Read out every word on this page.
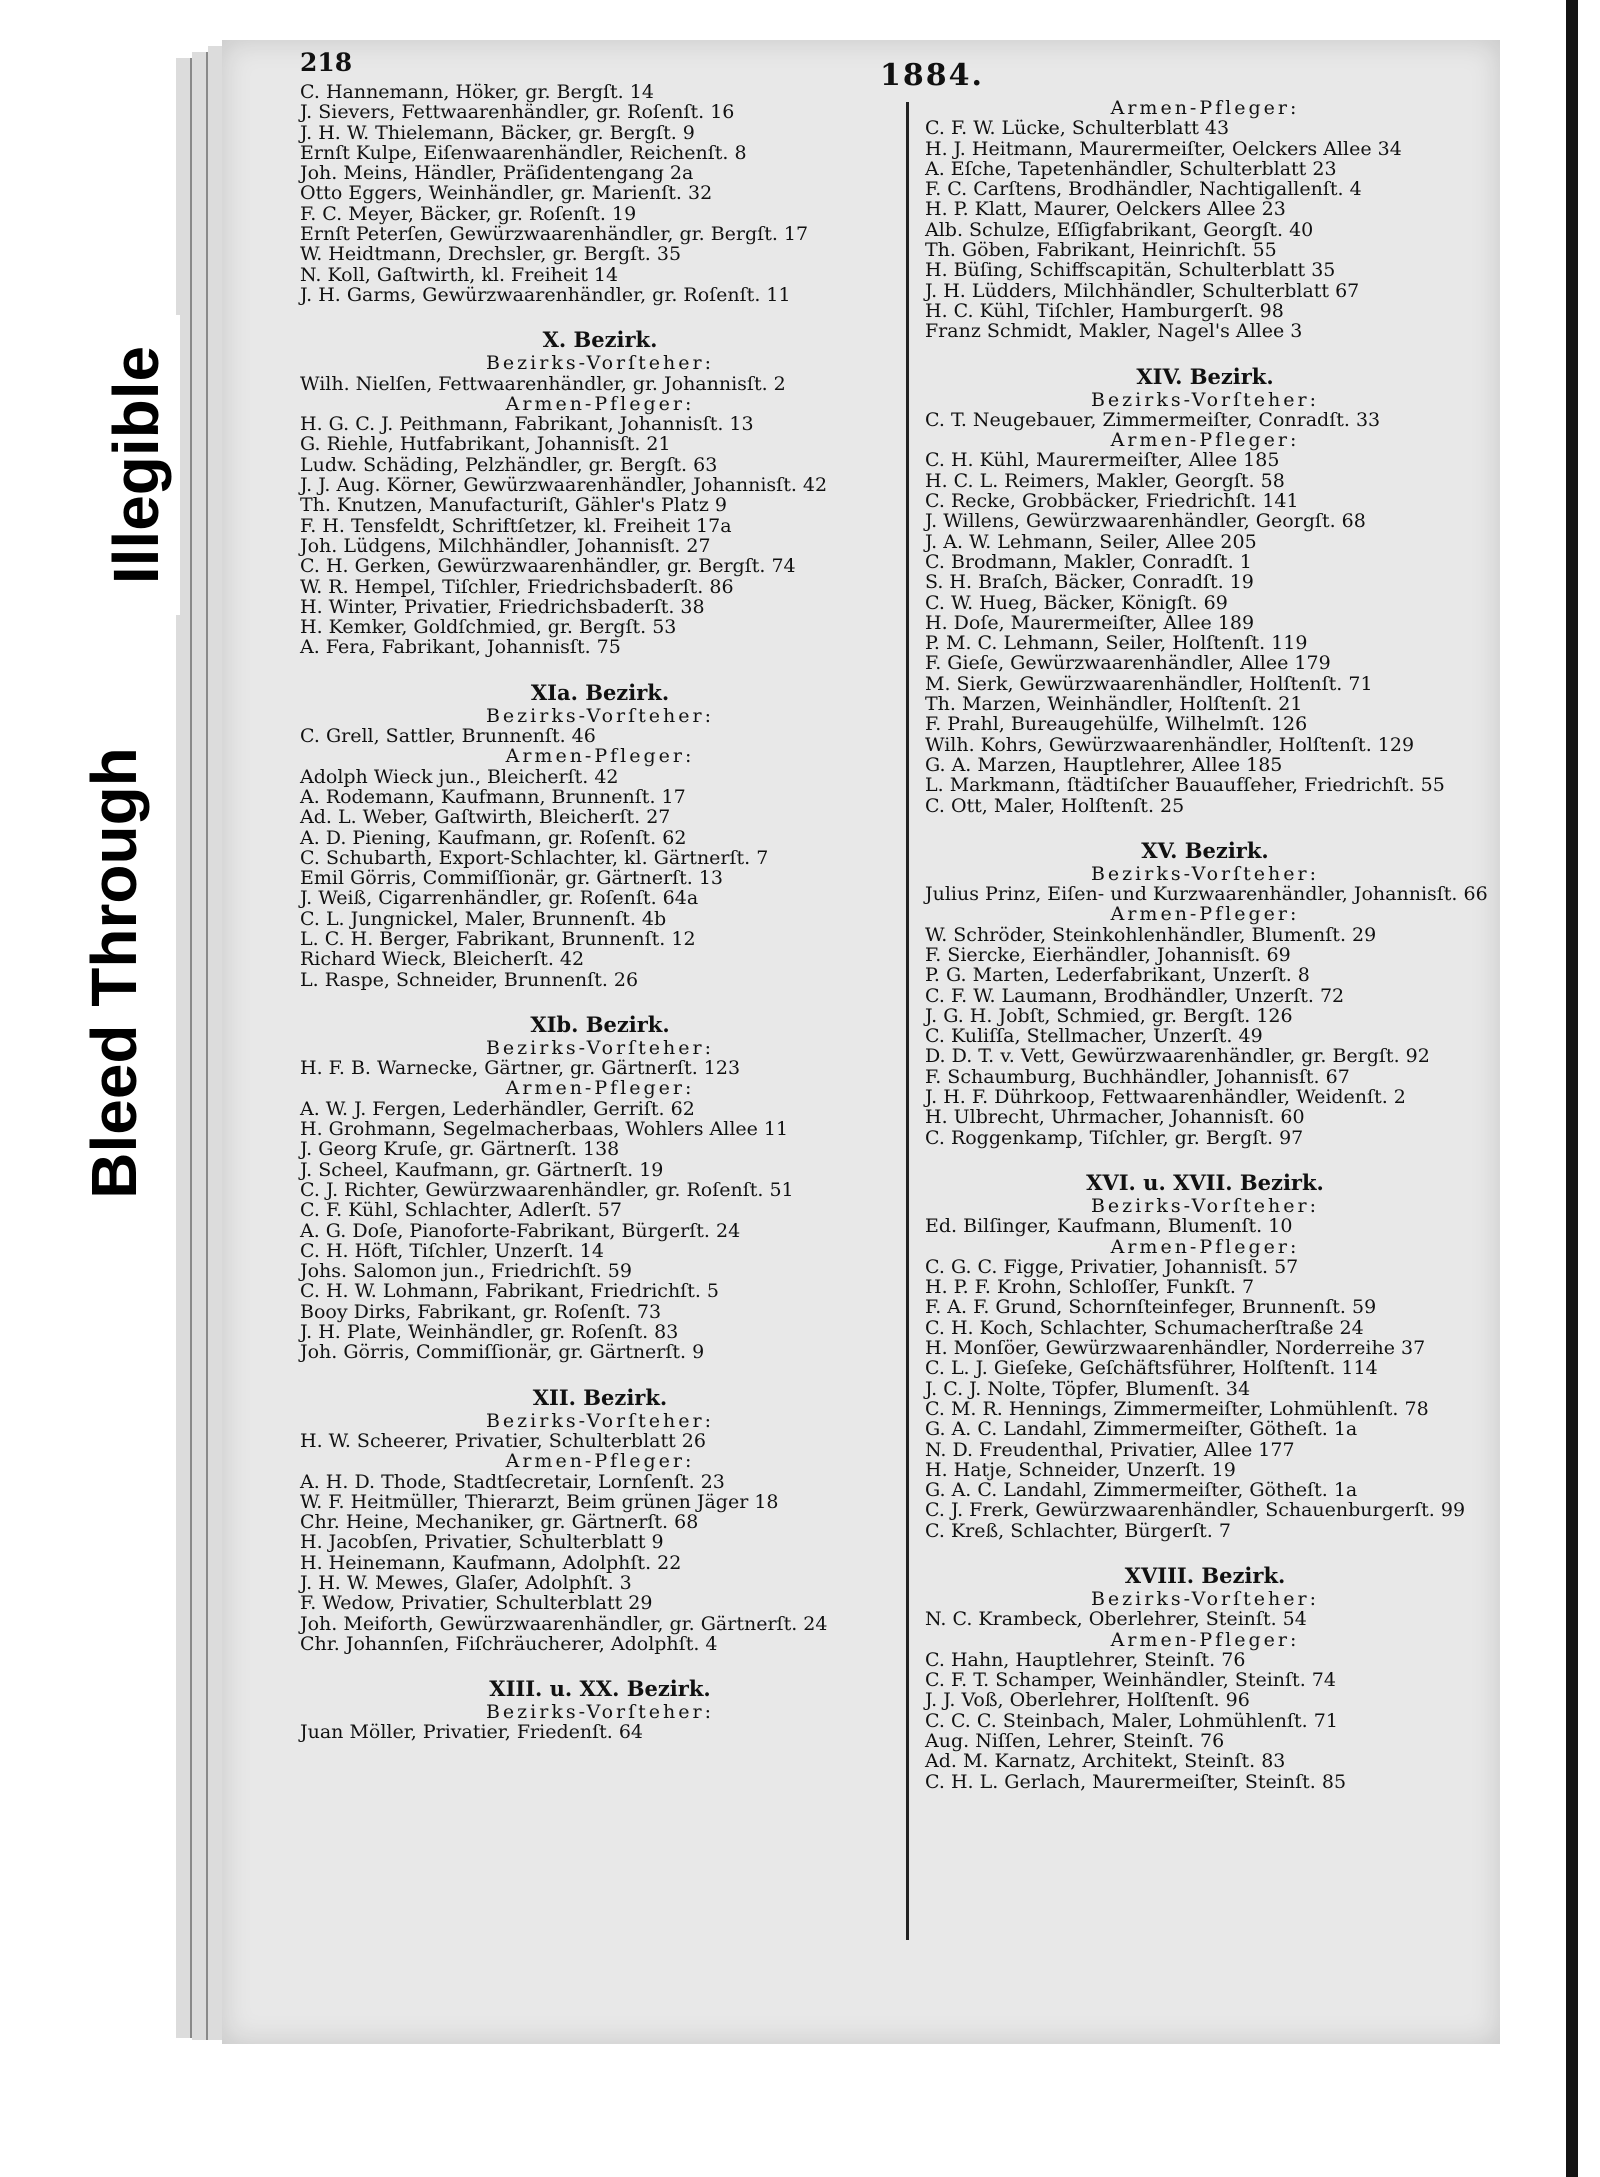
Illegible
Bleed Through
218	1884.
C. Hannemann, Höker, gr. Bergſt. 14
J. Sievers, Fettwaarenhändler, gr. Roſenſt. 16
J. H. W. Thielemann, Bäcker, gr. Bergſt. 9
Ernſt Kulpe, Eiſenwaarenhändler, Reichenſt. 8
Joh. Meins, Händler, Präſidentengang 2a
Otto Eggers, Weinhändler, gr. Marienſt. 32
F. C. Meyer, Bäcker, gr. Roſenſt. 19
Ernſt Peterſen, Gewürzwaarenhändler, gr. Bergſt. 17
W. Heidtmann, Drechsler, gr. Bergſt. 35
N. Koll, Gaſtwirth, kl. Freiheit 14
J. H. Garms, Gewürzwaarenhändler, gr. Roſenſt. 11
X. Bezirk.
Bezirks-Vorſteher:
Wilh. Nielſen, Fettwaarenhändler, gr. Johannisſt. 2
Armen-Pfleger:
H. G. C. J. Peithmann, Fabrikant, Johannisſt. 13
G. Riehle, Hutfabrikant, Johannisſt. 21
Ludw. Schäding, Pelzhändler, gr. Bergſt. 63
J. J. Aug. Körner, Gewürzwaarenhändler, Johannisſt. 42
Th. Knutzen, Manufacturiſt, Gähler's Platz 9
F. H. Tensfeldt, Schriftſetzer, kl. Freiheit 17a
Joh. Lüdgens, Milchhändler, Johannisſt. 27
C. H. Gerken, Gewürzwaarenhändler, gr. Bergſt. 74
W. R. Hempel, Tiſchler, Friedrichsbaderſt. 86
H. Winter, Privatier, Friedrichsbaderſt. 38
H. Kemker, Goldſchmied, gr. Bergſt. 53
A. Fera, Fabrikant, Johannisſt. 75
XIa. Bezirk.
Bezirks-Vorſteher:
C. Grell, Sattler, Brunnenſt. 46
Armen-Pfleger:
Adolph Wieck jun., Bleicherſt. 42
A. Rodemann, Kaufmann, Brunnenſt. 17
Ad. L. Weber, Gaſtwirth, Bleicherſt. 27
A. D. Piening, Kaufmann, gr. Roſenſt. 62
C. Schubarth, Export-Schlachter, kl. Gärtnerſt. 7
Emil Görris, Commiſſionär, gr. Gärtnerſt. 13
J. Weiß, Cigarrenhändler, gr. Roſenſt. 64a
C. L. Jungnickel, Maler, Brunnenſt. 4b
L. C. H. Berger, Fabrikant, Brunnenſt. 12
Richard Wieck, Bleicherſt. 42
L. Raspe, Schneider, Brunnenſt. 26
XIb. Bezirk.
Bezirks-Vorſteher:
H. F. B. Warnecke, Gärtner, gr. Gärtnerſt. 123
Armen-Pfleger:
A. W. J. Fergen, Lederhändler, Gerriſt. 62
H. Grohmann, Segelmacherbaas, Wohlers Allee 11
J. Georg Kruſe, gr. Gärtnerſt. 138
J. Scheel, Kaufmann, gr. Gärtnerſt. 19
C. J. Richter, Gewürzwaarenhändler, gr. Roſenſt. 51
C. F. Kühl, Schlachter, Adlerſt. 57
A. G. Doſe, Pianoforte-Fabrikant, Bürgerſt. 24
C. H. Höft, Tiſchler, Unzerſt. 14
Johs. Salomon jun., Friedrichſt. 59
C. H. W. Lohmann, Fabrikant, Friedrichſt. 5
Booy Dirks, Fabrikant, gr. Roſenſt. 73
J. H. Plate, Weinhändler, gr. Roſenſt. 83
Joh. Görris, Commiſſionär, gr. Gärtnerſt. 9
XII. Bezirk.
Bezirks-Vorſteher:
H. W. Scheerer, Privatier, Schulterblatt 26
Armen-Pfleger:
A. H. D. Thode, Stadtſecretair, Lornſenſt. 23
W. F. Heitmüller, Thierarzt, Beim grünen Jäger 18
Chr. Heine, Mechaniker, gr. Gärtnerſt. 68
H. Jacobſen, Privatier, Schulterblatt 9
H. Heinemann, Kaufmann, Adolphſt. 22
J. H. W. Mewes, Glaſer, Adolphſt. 3
F. Wedow, Privatier, Schulterblatt 29
Joh. Meiforth, Gewürzwaarenhändler, gr. Gärtnerſt. 24
Chr. Johannſen, Fiſchräucherer, Adolphſt. 4
XIII. u. XX. Bezirk.
Bezirks-Vorſteher:
Juan Möller, Privatier, Friedenſt. 64
Armen-Pfleger:
C. F. W. Lücke, Schulterblatt 43
H. J. Heitmann, Maurermeiſter, Oelckers Allee 34
A. Eſche, Tapetenhändler, Schulterblatt 23
F. C. Carſtens, Brodhändler, Nachtigallenſt. 4
H. P. Klatt, Maurer, Oelckers Allee 23
Alb. Schulze, Eſſigfabrikant, Georgſt. 40
Th. Göben, Fabrikant, Heinrichſt. 55
H. Büſing, Schiffscapitän, Schulterblatt 35
J. H. Lüdders, Milchhändler, Schulterblatt 67
H. C. Kühl, Tiſchler, Hamburgerſt. 98
Franz Schmidt, Makler, Nagel's Allee 3
XIV. Bezirk.
Bezirks-Vorſteher:
C. T. Neugebauer, Zimmermeiſter, Conradſt. 33
Armen-Pfleger:
C. H. Kühl, Maurermeiſter, Allee 185
H. C. L. Reimers, Makler, Georgſt. 58
C. Recke, Grobbäcker, Friedrichſt. 141
J. Willens, Gewürzwaarenhändler, Georgſt. 68
J. A. W. Lehmann, Seiler, Allee 205
C. Brodmann, Makler, Conradſt. 1
S. H. Braſch, Bäcker, Conradſt. 19
C. W. Hueg, Bäcker, Königſt. 69
H. Doſe, Maurermeiſter, Allee 189
P. M. C. Lehmann, Seiler, Holſtenſt. 119
F. Gieſe, Gewürzwaarenhändler, Allee 179
M. Sierk, Gewürzwaarenhändler, Holſtenſt. 71
Th. Marzen, Weinhändler, Holſtenſt. 21
F. Prahl, Bureaugehülfe, Wilhelmſt. 126
Wilh. Kohrs, Gewürzwaarenhändler, Holſtenſt. 129
G. A. Marzen, Hauptlehrer, Allee 185
L. Markmann, ſtädtiſcher Bauaufſeher, Friedrichſt. 55
C. Ott, Maler, Holſtenſt. 25
XV. Bezirk.
Bezirks-Vorſteher:
Julius Prinz, Eiſen- und Kurzwaarenhändler, Johannisſt. 66
Armen-Pfleger:
W. Schröder, Steinkohlenhändler, Blumenſt. 29
F. Siercke, Eierhändler, Johannisſt. 69
P. G. Marten, Lederfabrikant, Unzerſt. 8
C. F. W. Laumann, Brodhändler, Unzerſt. 72
J. G. H. Jobſt, Schmied, gr. Bergſt. 126
C. Kuliſſa, Stellmacher, Unzerſt. 49
D. D. T. v. Vett, Gewürzwaarenhändler, gr. Bergſt. 92
F. Schaumburg, Buchhändler, Johannisſt. 67
J. H. F. Dührkoop, Fettwaarenhändler, Weidenſt. 2
H. Ulbrecht, Uhrmacher, Johannisſt. 60
C. Roggenkamp, Tiſchler, gr. Bergſt. 97
XVI. u. XVII. Bezirk.
Bezirks-Vorſteher:
Ed. Bilſinger, Kaufmann, Blumenſt. 10
Armen-Pfleger:
C. G. C. Figge, Privatier, Johannisſt. 57
H. P. F. Krohn, Schloſſer, Funkſt. 7
F. A. F. Grund, Schornſteinfeger, Brunnenſt. 59
C. H. Koch, Schlachter, Schumacherſtraße 24
H. Monſöer, Gewürzwaarenhändler, Norderreihe 37
C. L. J. Gieſeke, Geſchäftsführer, Holſtenſt. 114
J. C. J. Nolte, Töpfer, Blumenſt. 34
C. M. R. Hennings, Zimmermeiſter, Lohmühlenſt. 78
G. A. C. Landahl, Zimmermeiſter, Götheſt. 1a
N. D. Freudenthal, Privatier, Allee 177
H. Hatje, Schneider, Unzerſt. 19
G. A. C. Landahl, Zimmermeiſter, Götheſt. 1a
C. J. Frerk, Gewürzwaarenhändler, Schauenburgerſt. 99
C. Kreß, Schlachter, Bürgerſt. 7
XVIII. Bezirk.
Bezirks-Vorſteher:
N. C. Krambeck, Oberlehrer, Steinſt. 54
Armen-Pfleger:
C. Hahn, Hauptlehrer, Steinſt. 76
C. F. T. Schamper, Weinhändler, Steinſt. 74
J. J. Voß, Oberlehrer, Holſtenſt. 96
C. C. C. Steinbach, Maler, Lohmühlenſt. 71
Aug. Niſſen, Lehrer, Steinſt. 76
Ad. M. Karnatz, Architekt, Steinſt. 83
C. H. L. Gerlach, Maurermeiſter, Steinſt. 85
